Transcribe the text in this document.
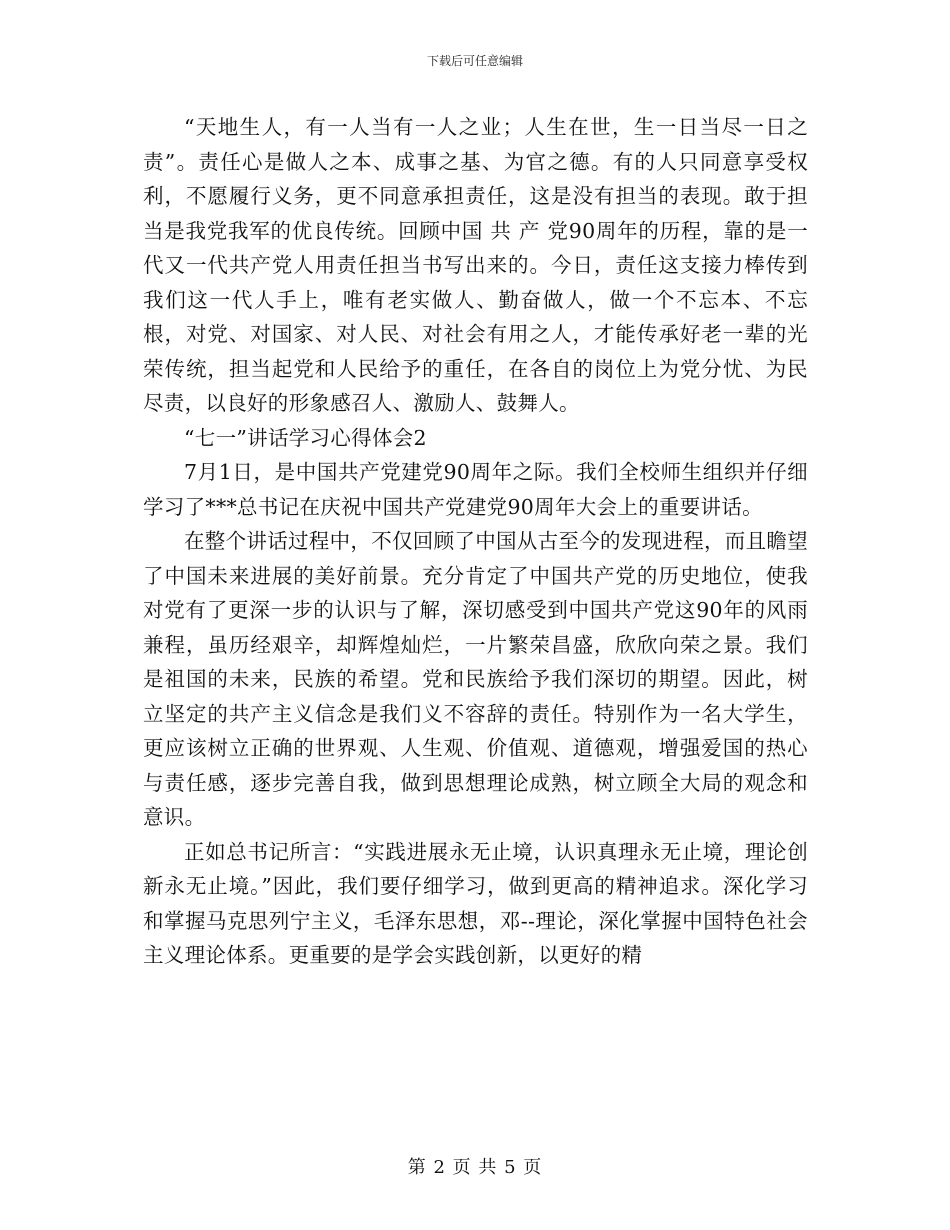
下载后可任意编辑

“天地生人，有一人当有一人之业；人生在世，生一日当尽一日之责”。责任心是做人之本、成事之基、为官之德。有的人只同意享受权利，不愿履行义务，更不同意承担责任，这是没有担当的表现。敢于担当是我党我军的优良传统。回顾中国 共 产 党90周年的历程，靠的是一代又一代共产党人用责任担当书写出来的。今日，责任这支接力棒传到我们这一代人手上，唯有老实做人、勤奋做人，做一个不忘本、不忘根，对党、对国家、对人民、对社会有用之人，才能传承好老一辈的光荣传统，担当起党和人民给予的重任，在各自的岗位上为党分忧、为民尽责，以良好的形象感召人、激励人、鼓舞人。

“七一”讲话学习心得体会2

7月1日，是中国共产党建党90周年之际。我们全校师生组织并仔细学习了***总书记在庆祝中国共产党建党90周年大会上的重要讲话。

在整个讲话过程中，不仅回顾了中国从古至今的发现进程，而且瞻望了中国未来进展的美好前景。充分肯定了中国共产党的历史地位，使我对党有了更深一步的认识与了解，深切感受到中国共产党这90年的风雨兼程，虽历经艰辛，却辉煌灿烂，一片繁荣昌盛，欣欣向荣之景。我们是祖国的未来，民族的希望。党和民族给予我们深切的期望。因此，树立坚定的共产主义信念是我们义不容辞的责任。特别作为一名大学生，更应该树立正确的世界观、人生观、价值观、道德观，增强爱国的热心与责任感，逐步完善自我，做到思想理论成熟，树立顾全大局的观念和意识。

正如总书记所言：“实践进展永无止境，认识真理永无止境，理论创新永无止境。”因此，我们要仔细学习，做到更高的精神追求。深化学习和掌握马克思列宁主义，毛泽东思想，邓--理论，深化掌握中国特色社会主义理论体系。更重要的是学会实践创新，以更好的精

第 2 页 共 5 页
